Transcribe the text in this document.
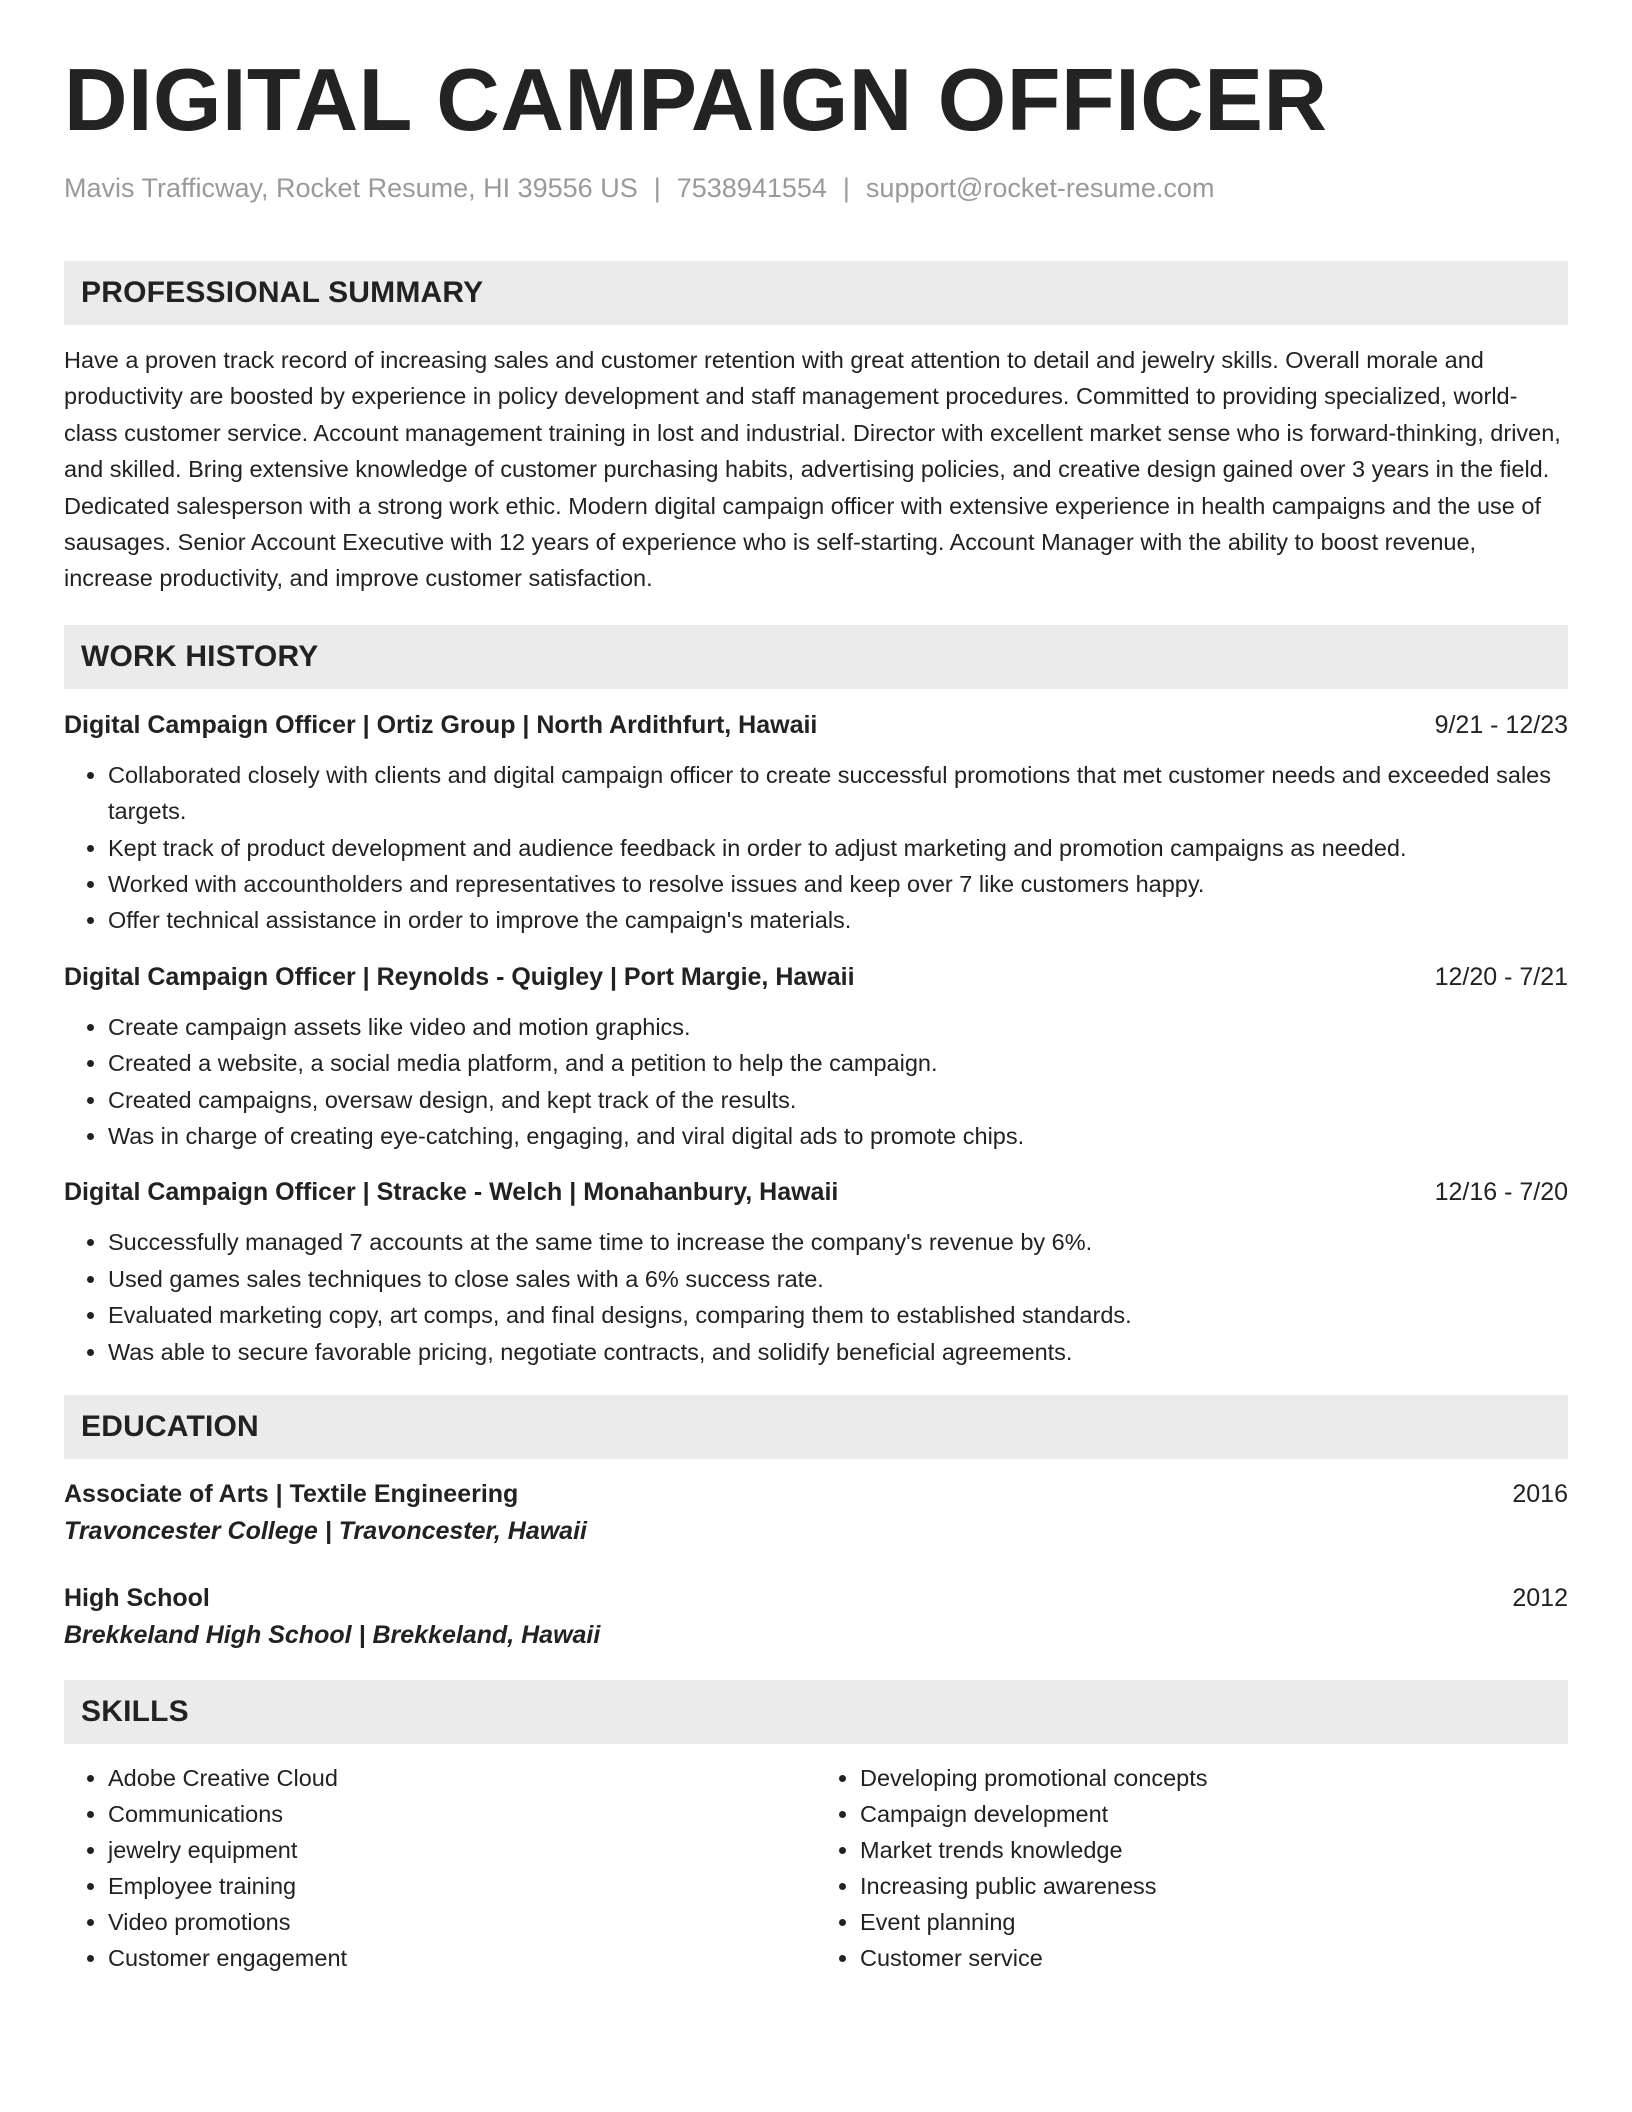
DIGITAL CAMPAIGN OFFICER
Mavis Trafficway, Rocket Resume, HI 39556 US | 7538941554 | support@rocket-resume.com
PROFESSIONAL SUMMARY
Have a proven track record of increasing sales and customer retention with great attention to detail and jewelry skills. Overall morale and productivity are boosted by experience in policy development and staff management procedures. Committed to providing specialized, world-class customer service. Account management training in lost and industrial. Director with excellent market sense who is forward-thinking, driven, and skilled. Bring extensive knowledge of customer purchasing habits, advertising policies, and creative design gained over 3 years in the field. Dedicated salesperson with a strong work ethic. Modern digital campaign officer with extensive experience in health campaigns and the use of sausages. Senior Account Executive with 12 years of experience who is self-starting. Account Manager with the ability to boost revenue, increase productivity, and improve customer satisfaction.
WORK HISTORY
Digital Campaign Officer | Ortiz Group | North Ardithfurt, Hawaii	9/21 - 12/23
• Collaborated closely with clients and digital campaign officer to create successful promotions that met customer needs and exceeded sales targets.
• Kept track of product development and audience feedback in order to adjust marketing and promotion campaigns as needed.
• Worked with accountholders and representatives to resolve issues and keep over 7 like customers happy.
• Offer technical assistance in order to improve the campaign's materials.
Digital Campaign Officer | Reynolds - Quigley | Port Margie, Hawaii	12/20 - 7/21
• Create campaign assets like video and motion graphics.
• Created a website, a social media platform, and a petition to help the campaign.
• Created campaigns, oversaw design, and kept track of the results.
• Was in charge of creating eye-catching, engaging, and viral digital ads to promote chips.
Digital Campaign Officer | Stracke - Welch | Monahanbury, Hawaii	12/16 - 7/20
• Successfully managed 7 accounts at the same time to increase the company's revenue by 6%.
• Used games sales techniques to close sales with a 6% success rate.
• Evaluated marketing copy, art comps, and final designs, comparing them to established standards.
• Was able to secure favorable pricing, negotiate contracts, and solidify beneficial agreements.
EDUCATION
Associate of Arts | Textile Engineering	2016
Travoncester College | Travoncester, Hawaii
High School	2012
Brekkeland High School | Brekkeland, Hawaii
SKILLS
• Adobe Creative Cloud
• Communications
• jewelry equipment
• Employee training
• Video promotions
• Customer engagement
• Developing promotional concepts
• Campaign development
• Market trends knowledge
• Increasing public awareness
• Event planning
• Customer service
